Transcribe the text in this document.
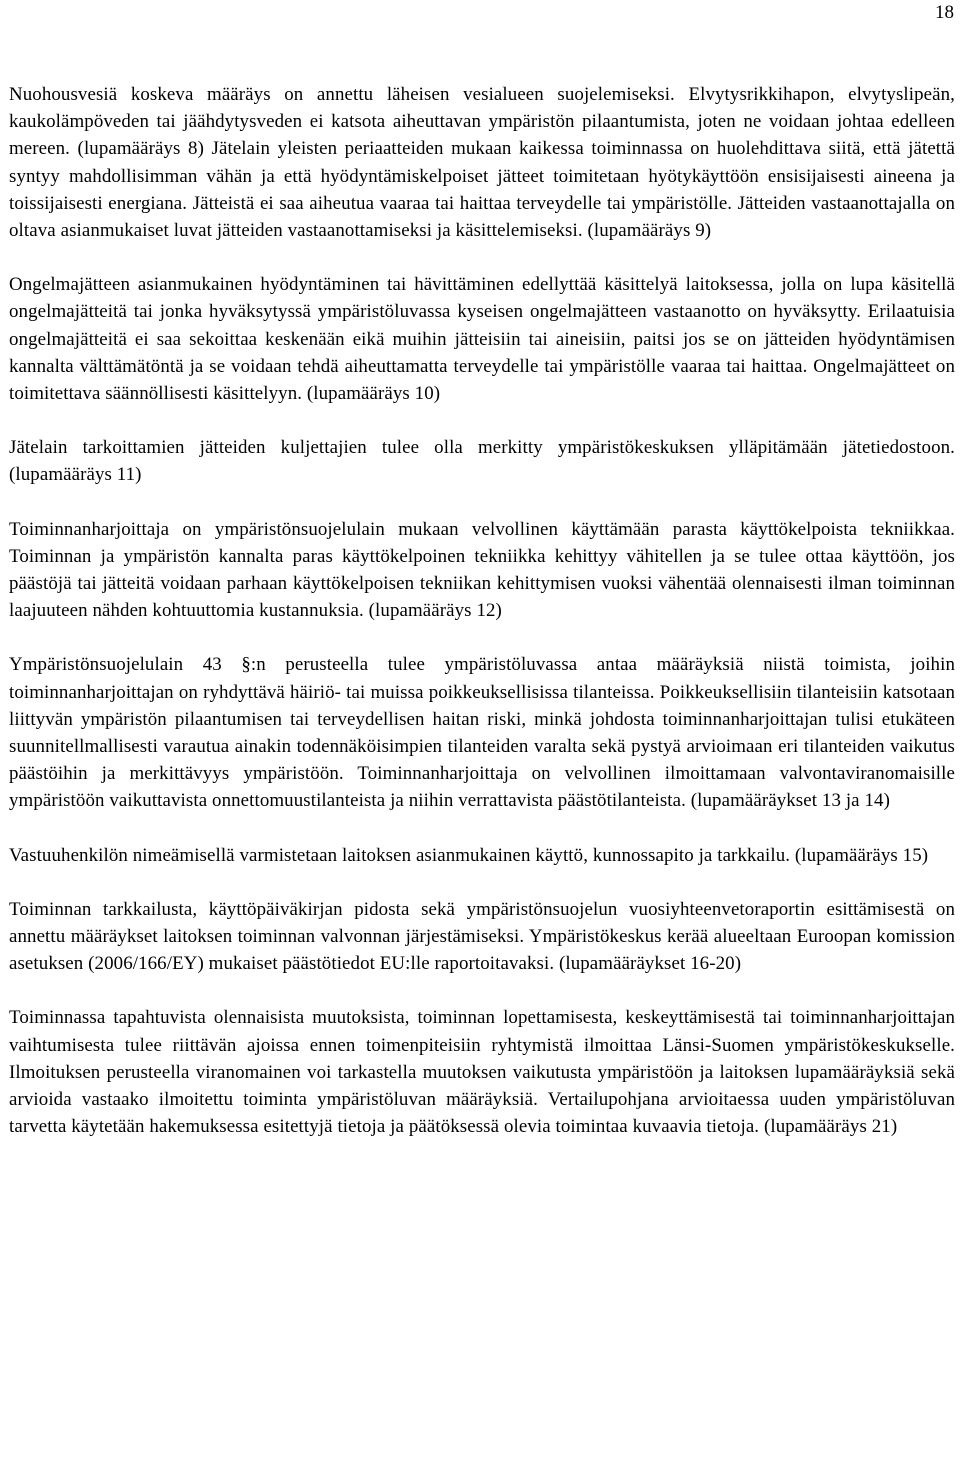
18

Nuohousvesiä koskeva määräys on annettu läheisen vesialueen suojelemiseksi. Elvytysrikkihapon, elvytyslipeän, kaukolämpöveden tai jäähdytysveden ei katsota aiheuttavan ympäristön pilaantumista, joten ne voidaan johtaa edelleen mereen. (lupamääräys 8) Jätelain yleisten periaatteiden mukaan kaikessa toiminnassa on huolehdittava siitä, että jätettä syntyy mahdollisimman vähän ja että hyödyntämiskelpoiset jätteet toimitetaan hyötykäyttöön ensisijaisesti aineena ja toissijaisesti energiana. Jätteistä ei saa aiheutua vaaraa tai haittaa terveydelle tai ympäristölle. Jätteiden vastaanottajalla on oltava asianmukaiset luvat jätteiden vastaanottamiseksi ja käsittelemiseksi. (lupamääräys 9)

Ongelmajätteen asianmukainen hyödyntäminen tai hävittäminen edellyttää käsittelyä laitoksessa, jolla on lupa käsitellä ongelmajätteitä tai jonka hyväksytyssä ympäristöluvassa kyseisen ongelmajätteen vastaanotto on hyväksytty. Erilaatuisia ongelmajätteitä ei saa sekoittaa keskenään eikä muihin jätteisiin tai aineisiin, paitsi jos se on jätteiden hyödyntämisen kannalta välttämätöntä ja se voidaan tehdä aiheuttamatta terveydelle tai ympäristölle vaaraa tai haittaa. Ongelmajätteet on toimitettava säännöllisesti käsittelyyn. (lupamääräys 10)

Jätelain tarkoittamien jätteiden kuljettajien tulee olla merkitty ympäristökeskuksen ylläpitämään jätetiedostoon. (lupamääräys 11)

Toiminnanharjoittaja on ympäristönsuojelulain mukaan velvollinen käyttämään parasta käyttökelpoista tekniikkaa. Toiminnan ja ympäristön kannalta paras käyttökelpoinen tekniikka kehittyy vähitellen ja se tulee ottaa käyttöön, jos päästöjä tai jätteitä voidaan parhaan käyttökelpoisen tekniikan kehittymisen vuoksi vähentää olennaisesti ilman toiminnan laajuuteen nähden kohtuuttomia kustannuksia. (lupamääräys 12)

Ympäristönsuojelulain 43 §:n perusteella tulee ympäristöluvassa antaa määräyksiä niistä toimista, joihin toiminnanharjoittajan on ryhdyttävä häiriö- tai muissa poikkeuksellisissa tilanteissa. Poikkeuksellisiin tilanteisiin katsotaan liittyvän ympäristön pilaantumisen tai terveydellisen haitan riski, minkä johdosta toiminnanharjoittajan tulisi etukäteen suunnitellmallisesti varautua ainakin todennäköisimpien tilanteiden varalta sekä pystyä arvioimaan eri tilanteiden vaikutus päästöihin ja merkittävyys ympäristöön. Toiminnanharjoittaja on velvollinen ilmoittamaan valvontaviranomaisille ympäristöön vaikuttavista onnettomuustilanteista ja niihin verrattavista päästötilanteista. (lupamääräykset 13 ja 14)

Vastuuhenkilön nimeämisellä varmistetaan laitoksen asianmukainen käyttö, kunnossapito ja tarkkailu. (lupamääräys 15)

Toiminnan tarkkailusta, käyttöpäiväkirjan pidosta sekä ympäristönsuojelun vuosiyhteenvetoraportin esittämisestä on annettu määräykset laitoksen toiminnan valvonnan järjestämiseksi. Ympäristökeskus kerää alueeltaan Euroopan komission asetuksen (2006/166/EY) mukaiset päästötiedot EU:lle raportoitavaksi. (lupamääräykset 16-20)

Toiminnassa tapahtuvista olennaisista muutoksista, toiminnan lopettamisesta, keskeyttämisestä tai toiminnanharjoittajan vaihtumisesta tulee riittävän ajoissa ennen toimenpiteisiin ryhtymistä ilmoittaa Länsi-Suomen ympäristökeskukselle. Ilmoituksen perusteella viranomainen voi tarkastella muutoksen vaikutusta ympäristöön ja laitoksen lupamääräyksiä sekä arvioida vastaako ilmoitettu toiminta ympäristöluvan määräyksiä. Vertailupohjana arvioitaessa uuden ympäristöluvan tarvetta käytetään hakemuksessa esitettyjä tietoja ja päätöksessä olevia toimintaa kuvaavia tietoja. (lupamääräys 21)
